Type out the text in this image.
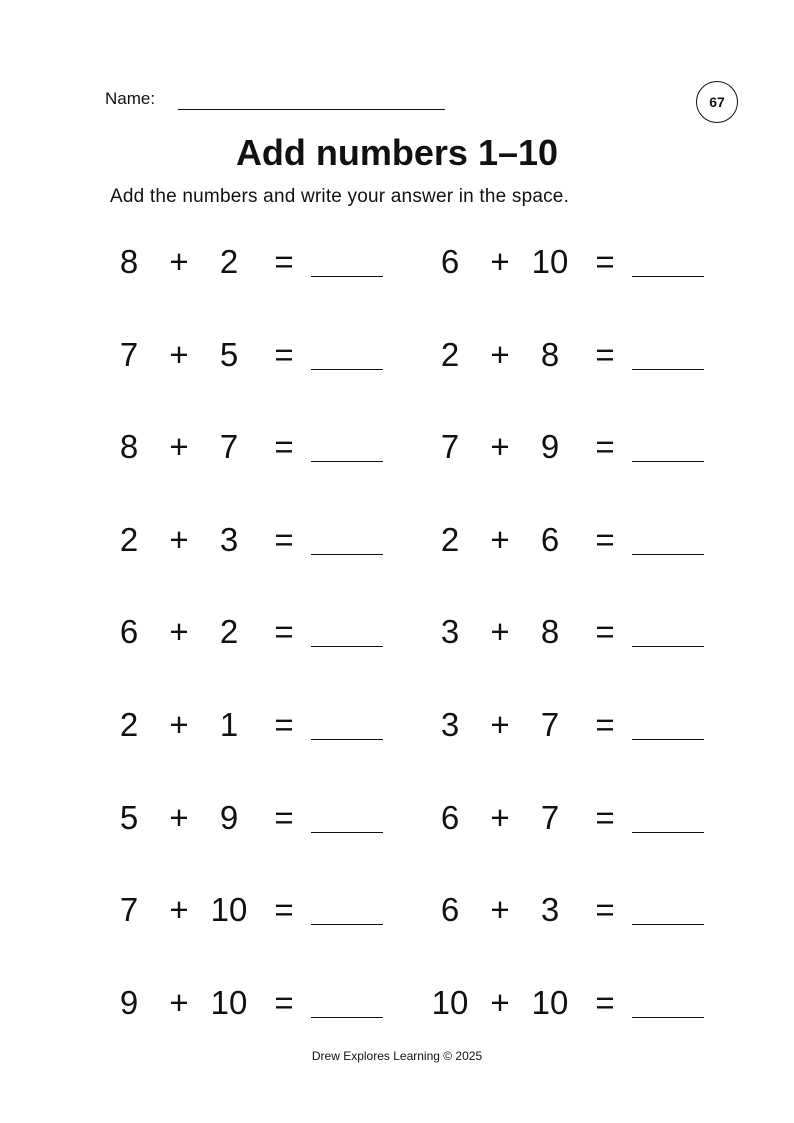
Name:	67
Add numbers 1–10
Add the numbers and write your answer in the space.
8 + 2 =	6 + 10 =
7 + 5 =	2 + 8 =
8 + 7 =	7 + 9 =
2 + 3 =	2 + 6 =
6 + 2 =	3 + 8 =
2 + 1 =	3 + 7 =
5 + 9 =	6 + 7 =
7 + 10 =	6 + 3 =
9 + 10 =	10 + 10 =
Drew Explores Learning © 2025
